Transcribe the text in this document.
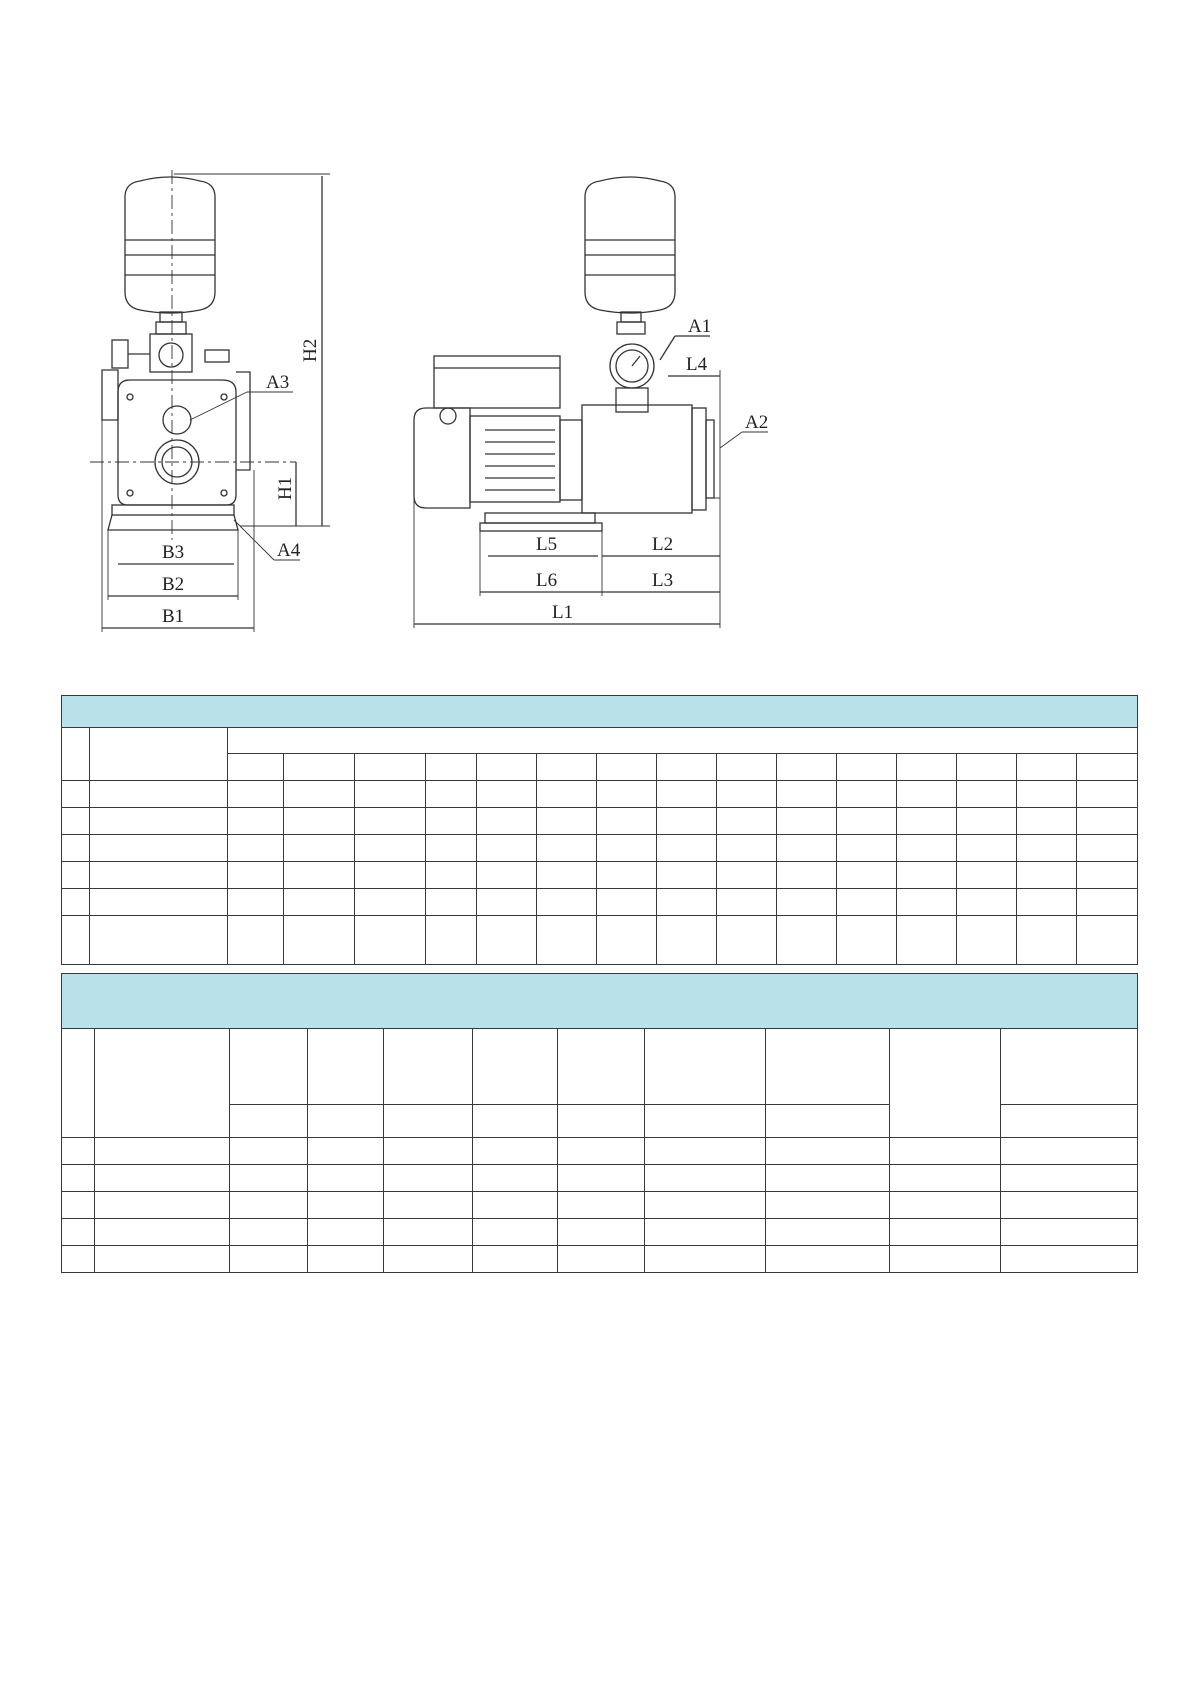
H2
H1
A3
A4
B3
B2
B1
A1
L4
A2
L5	L2
L6	L3
L1
